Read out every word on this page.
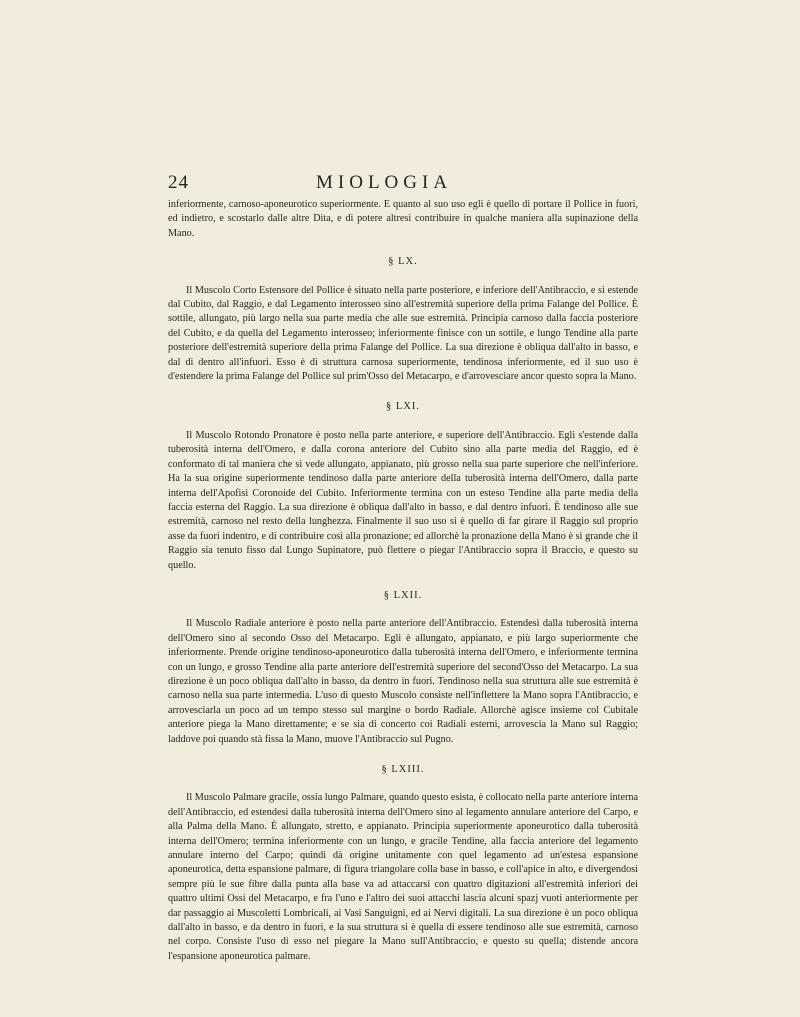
24	MIOLOGIA

inferiormente, carnoso-aponeurotico superiormente. E quanto al suo uso egli è quello di portare il Pollice in fuori, ed indietro, e scostarlo dalle altre Dita, e di potere altresì contribuire in qualche maniera alla supinazione della Mano.

§ LX.

Il Muscolo Corto Estensore del Pollice è situato nella parte posteriore, e inferiore dell'Antibraccio, e si estende dal Cubito, dal Raggio, e dal Legamento interosseo sino all'estremità superiore della prima Falange del Pollice. È sottile, allungato, più largo nella sua parte media che alle sue estremità. Principia carnoso dalla faccia posteriore del Cubito, e da quella del Legamento interosseo; inferiormente finisce con un sottile, e lungo Tendine alla parte posteriore dell'estremità superiore della prima Falange del Pollice. La sua direzione è obliqua dall'alto in basso, e dal di dentro all'infuori. Esso è di struttura carnosa superiormente, tendinosa inferiormente, ed il suo uso è d'estendere la prima Falange del Pollice sul prim'Osso del Metacarpo, e d'arrovesciare ancor questo sopra la Mano.

§ LXI.

Il Muscolo Rotondo Pronatore è posto nella parte anteriore, e superiore dell'Antibraccio. Egli s'estende dalla tuberosità interna dell'Omero, e dalla corona anteriore del Cubito sino alla parte media del Raggio, ed è conformato di tal maniera che si vede allungato, appianato, più grosso nella sua parte superiore che nell'inferiore. Ha la sua origine superiormente tendinoso dalla parte anteriore della tuberosità interna dell'Omero, dalla parte interna dell'Apofisi Coronoide del Cubito. Inferiormente termina con un esteso Tendine alla parte media della faccia esterna del Raggio. La sua direzione è obliqua dall'alto in basso, e dal dentro infuori. È tendinoso alle sue estremità, carnoso nel resto della lunghezza. Finalmente il suo uso si è quello di far girare il Raggio sul proprio asse da fuori indentro, e di contribuire così alla pronazione; ed allorchè la pronazione della Mano è sì grande che il Raggio sia tenuto fisso dal Lungo Supinatore, può flettere o piegar l'Antibraccio sopra il Braccio, e questo su quello.

§ LXII.

Il Muscolo Radiale anteriore è posto nella parte anteriore dell'Antibraccio. Estendesi dalla tuberosità interna dell'Omero sino al secondo Osso del Metacarpo. Egli è allungato, appianato, e più largo superiormente che inferiormente. Prende origine tendinoso-aponeurotico dalla tuberosità interna dell'Omero, e inferiormente termina con un lungo, e grosso Tendine alla parte anteriore dell'estremità superiore del second'Osso del Metacarpo. La sua direzione è un poco obliqua dall'alto in basso, da dentro in fuori. Tendinoso nella sua struttura alle sue estremità è carnoso nella sua parte intermedia. L'uso di questo Muscolo consiste nell'inflettere la Mano sopra l'Antibraccio, e arrovesciarla un poco ad un tempo stesso sul margine o bordo Radiale. Allorchè agisce insieme col Cubitale anteriore piega la Mano direttamente; e se sia di concerto coi Radiali esterni, arrovescia la Mano sul Raggio; laddove poi quando stà fissa la Mano, muove l'Antibraccio sul Pugno.

§ LXIII.

Il Muscolo Palmare gracile, ossia lungo Palmare, quando questo esista, è collocato nella parte anteriore interna dell'Antibraccio, ed estendesi dalla tuberosità interna dell'Omero sino al legamento annulare anteriore del Carpo, e alla Palma della Mano. È allungato, stretto, e appianato. Principia superiormente aponeurotico dalla tuberosità interna dell'Omero; termina inferiormente con un lungo, e gracile Tendine, alla faccia anteriore del legamento annulare interno del Carpo; quindi dà origine unitamente con quel legamento ad un'estesa espansione aponeurotica, detta espansione palmare, di figura triangolare colla base in basso, e coll'apice in alto, e divergendosi sempre più le sue fibre dalla punta alla base va ad attaccarsi con quattro digitazioni all'estremità inferiori dei quattro ultimi Ossi del Metacarpo, e fra l'uno e l'altro dei suoi attacchi lascia alcuni spazj vuoti anteriormente per dar passaggio ai Muscoletti Lombricali, ai Vasi Sanguigni, ed ai Nervi digitali. La sua direzione è un poco obliqua dall'alto in basso, e da dentro in fuori, e la sua struttura si è quella di essere tendinoso alle sue estremità, carnoso nel corpo. Consiste l'uso di esso nel piegare la Mano sull'Antibraccio, e questo su quella; distende ancora l'espansione aponeurotica palmare.
